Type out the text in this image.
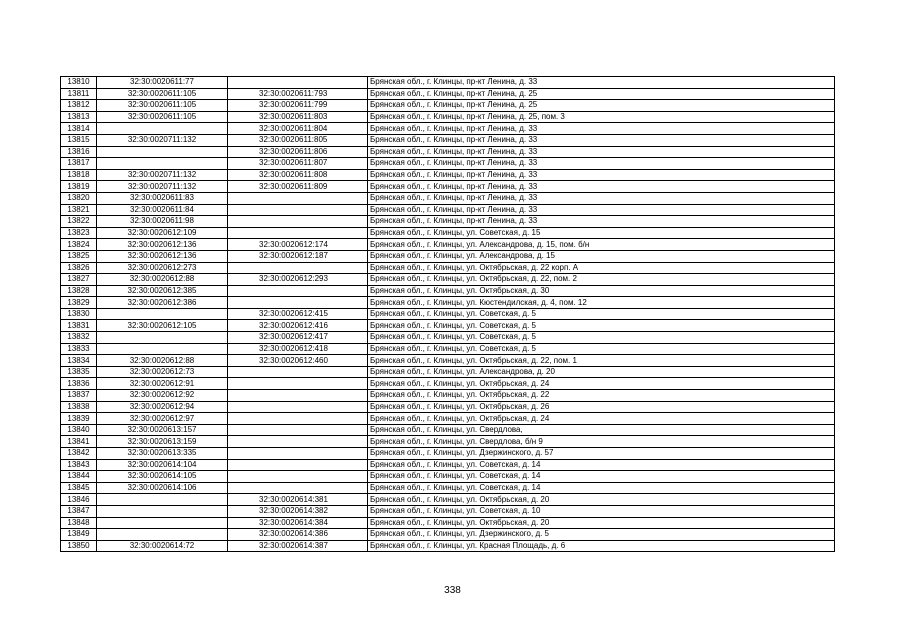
13810	32:30:0020611:77		Брянская обл., г. Клинцы, пр-кт Ленина, д. 33
13811	32:30:0020611:105	32:30:0020611:793	Брянская обл., г. Клинцы, пр-кт Ленина, д. 25
13812	32:30:0020611:105	32:30:0020611:799	Брянская обл., г. Клинцы, пр-кт Ленина, д. 25
13813	32:30:0020611:105	32:30:0020611:803	Брянская обл., г. Клинцы, пр-кт Ленина, д. 25, пом. 3
13814		32:30:0020611:804	Брянская обл., г. Клинцы, пр-кт Ленина, д. 33
13815	32:30:0020711:132	32:30:0020611:805	Брянская обл., г. Клинцы, пр-кт Ленина, д. 33
13816		32:30:0020611:806	Брянская обл., г. Клинцы, пр-кт Ленина, д. 33
13817		32:30:0020611:807	Брянская обл., г. Клинцы, пр-кт Ленина, д. 33
13818	32:30:0020711:132	32:30:0020611:808	Брянская обл., г. Клинцы, пр-кт Ленина, д. 33
13819	32:30:0020711:132	32:30:0020611:809	Брянская обл., г. Клинцы, пр-кт Ленина, д. 33
13820	32:30:0020611:83		Брянская обл., г. Клинцы, пр-кт Ленина, д. 33
13821	32:30:0020611:84		Брянская обл., г. Клинцы, пр-кт Ленина, д. 33
13822	32:30:0020611:98		Брянская обл., г. Клинцы, пр-кт Ленина, д. 33
13823	32:30:0020612:109		Брянская обл., г. Клинцы, ул. Советская, д. 15
13824	32:30:0020612:136	32:30:0020612:174	Брянская обл., г. Клинцы, ул. Александрова, д. 15, пом. б/н
13825	32:30:0020612:136	32:30:0020612:187	Брянская обл., г. Клинцы, ул. Александрова, д. 15
13826	32:30:0020612:273		Брянская обл., г. Клинцы, ул. Октябрьская, д. 22 корп. А
13827	32:30:0020612:88	32:30:0020612:293	Брянская обл., г. Клинцы, ул. Октябрьская, д. 22, пом. 2
13828	32:30:0020612:385		Брянская обл., г. Клинцы, ул. Октябрьская, д. 30
13829	32:30:0020612:386		Брянская обл., г. Клинцы, ул. Кюстендилская, д. 4, пом. 12
13830		32:30:0020612:415	Брянская обл., г. Клинцы, ул. Советская, д. 5
13831	32:30:0020612:105	32:30:0020612:416	Брянская обл., г. Клинцы, ул. Советская, д. 5
13832		32:30:0020612:417	Брянская обл., г. Клинцы, ул. Советская, д. 5
13833		32:30:0020612:418	Брянская обл., г. Клинцы, ул. Советская, д. 5
13834	32:30:0020612:88	32:30:0020612:460	Брянская обл., г. Клинцы, ул. Октябрьская, д. 22, пом. 1
13835	32:30:0020612:73		Брянская обл., г. Клинцы, ул. Александрова, д. 20
13836	32:30:0020612:91		Брянская обл., г. Клинцы, ул. Октябрьская, д. 24
13837	32:30:0020612:92		Брянская обл., г. Клинцы, ул. Октябрьская, д. 22
13838	32:30:0020612:94		Брянская обл., г. Клинцы, ул. Октябрьская, д. 26
13839	32:30:0020612:97		Брянская обл., г. Клинцы, ул. Октябрьская, д. 24
13840	32:30:0020613:157		Брянская обл., г. Клинцы, ул. Свердлова,
13841	32:30:0020613:159		Брянская обл., г. Клинцы, ул. Свердлова, б/н 9
13842	32:30:0020613:335		Брянская обл., г. Клинцы, ул. Дзержинского, д. 57
13843	32:30:0020614:104		Брянская обл., г. Клинцы, ул. Советская, д. 14
13844	32:30:0020614:105		Брянская обл., г. Клинцы, ул. Советская, д. 14
13845	32:30:0020614:106		Брянская обл., г. Клинцы, ул. Советская, д. 14
13846		32:30:0020614:381	Брянская обл., г. Клинцы, ул. Октябрьская, д. 20
13847		32:30:0020614:382	Брянская обл., г. Клинцы, ул. Советская, д. 10
13848		32:30:0020614:384	Брянская обл., г. Клинцы, ул. Октябрьская, д. 20
13849		32:30:0020614:386	Брянская обл., г. Клинцы, ул. Дзержинского, д. 5
13850	32:30:0020614:72	32:30:0020614:387	Брянская обл., г. Клинцы, ул. Красная Площадь, д. 6
338
